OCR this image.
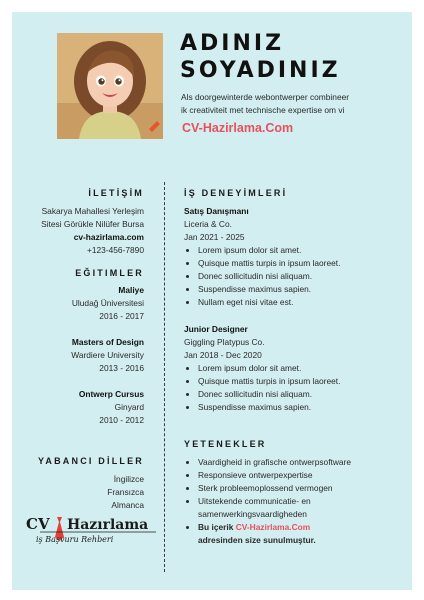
ADINIZ
SOYADINIZ
Als doorgewinterde webontwerper combineer
ik creativiteit met technische expertise om vi
CV-Hazirlama.Com
İLETİŞİM
Sakarya Mahallesi Yerleşim
Sitesi Görükle Nilüfer Bursa
cv-hazirlama.com
+123-456-7890
EĞITIMLER
Maliye
Uludağ Üniversitesi
2016 - 2017
Masters of Design
Wardiere University
2013 - 2016
Ontwerp Cursus
Ginyard
2010 - 2012
YABANCI DİLLER
İngilizce
Fransızca
Almanca
CV Hazırlama
iş Başvuru Rehberi
İŞ DENEYİMLERİ
Satış Danışmanı
Liceria & Co.
Jan 2021 - 2025
• Lorem ipsum dolor sit amet.
• Quisque mattis turpis in ipsum laoreet.
• Donec sollicitudin nisi aliquam.
• Suspendisse maximus sapien.
• Nullam eget nisi vitae est.
Junior Designer
Giggling Platypus Co.
Jan 2018 - Dec 2020
• Lorem ipsum dolor sit amet.
• Quisque mattis turpis in ipsum laoreet.
• Donec sollicitudin nisi aliquam.
• Suspendisse maximus sapien.
YETENEKLER
• Vaardigheid in grafische ontwerpsoftware
• Responsieve ontwerpexpertise
• Sterk probleemoplossend vermogen
• Uitstekende communicatie- en
samenwerkingsvaardigheden
• Bu içerik CV-Hazirlama.Com
adresinden size sunulmuştur.
